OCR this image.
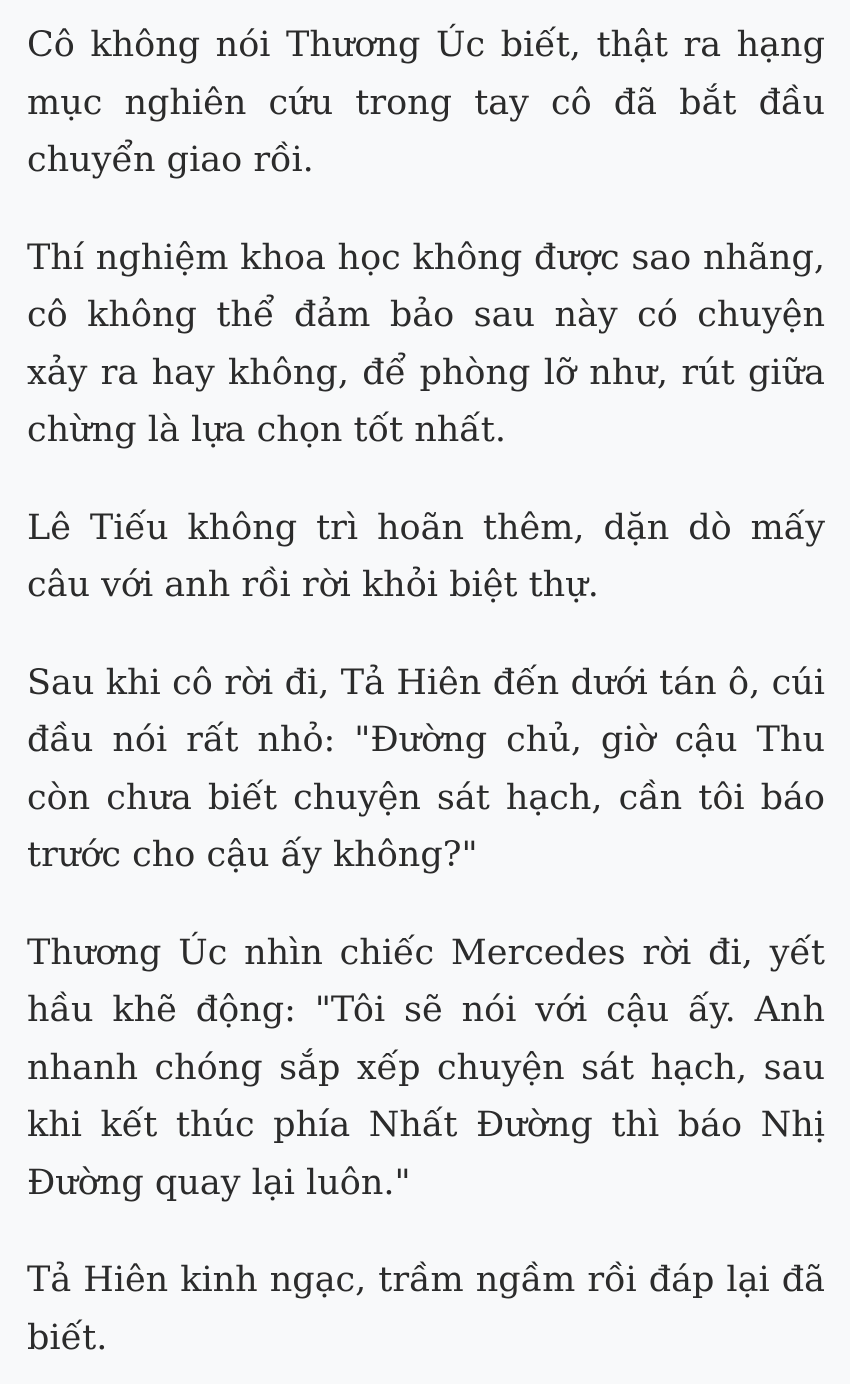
Cô không nói Thương Úc biết, thật ra hạng mục nghiên cứu trong tay cô đã bắt đầu chuyển giao rồi.

Thí nghiệm khoa học không được sao nhãng, cô không thể đảm bảo sau này có chuyện xảy ra hay không, để phòng lỡ như, rút giữa chừng là lựa chọn tốt nhất.

Lê Tiếu không trì hoãn thêm, dặn dò mấy câu với anh rồi rời khỏi biệt thự.

Sau khi cô rời đi, Tả Hiên đến dưới tán ô, cúi đầu nói rất nhỏ: "Đường chủ, giờ cậu Thu còn chưa biết chuyện sát hạch, cần tôi báo trước cho cậu ấy không?"

Thương Úc nhìn chiếc Mercedes rời đi, yết hầu khẽ động: "Tôi sẽ nói với cậu ấy. Anh nhanh chóng sắp xếp chuyện sát hạch, sau khi kết thúc phía Nhất Đường thì báo Nhị Đường quay lại luôn."

Tả Hiên kinh ngạc, trầm ngầm rồi đáp lại đã biết.
